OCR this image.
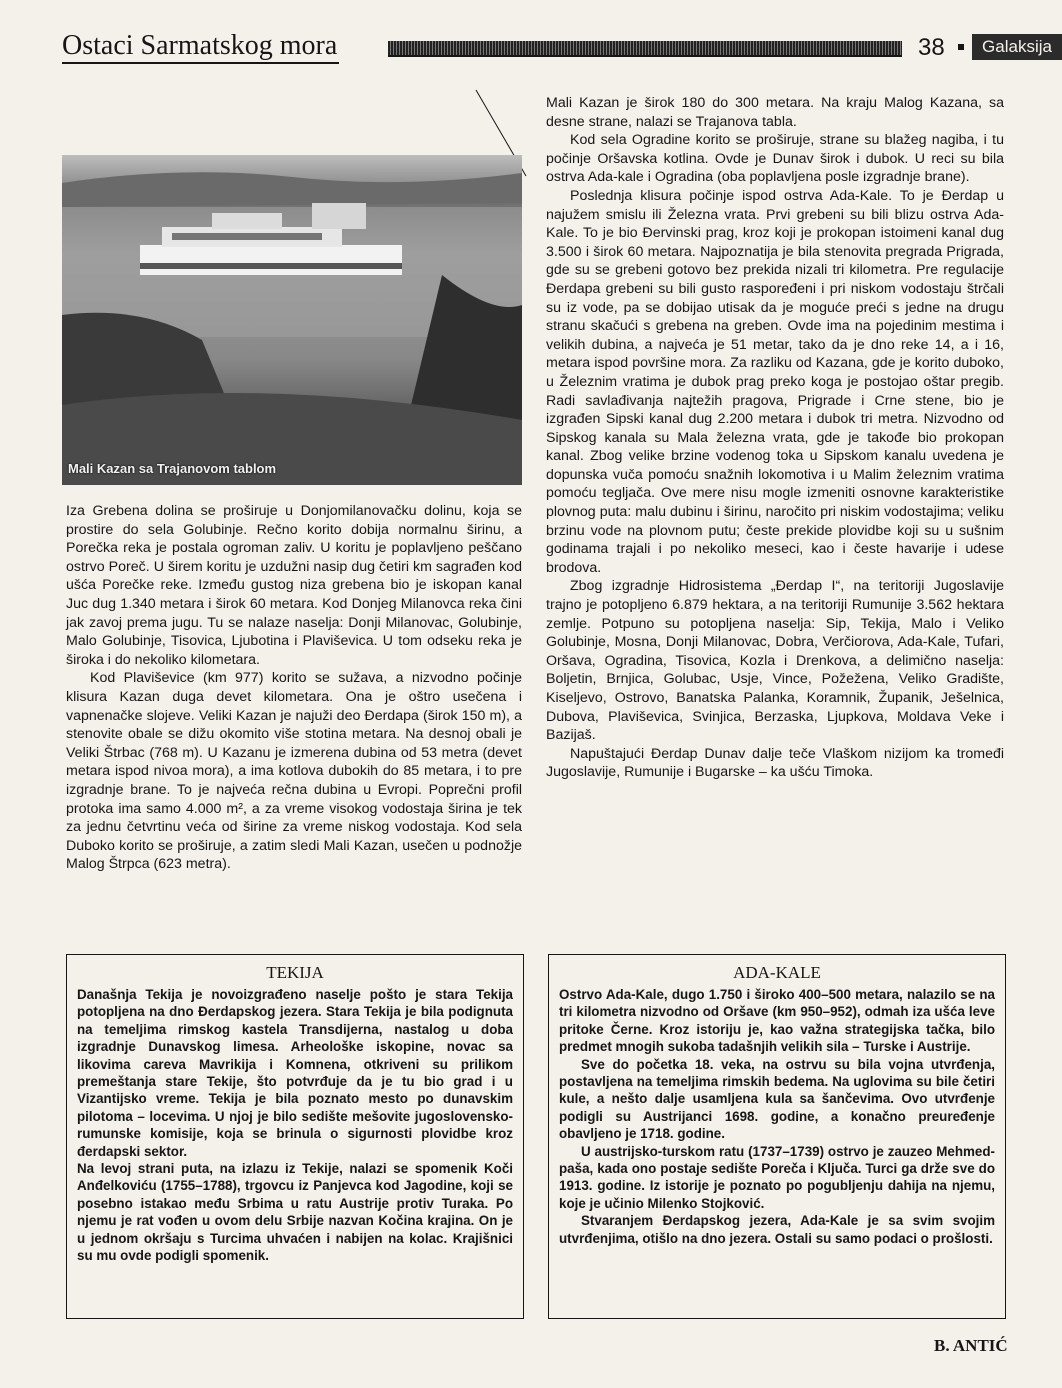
Ostaci Sarmatskog mora	38	Galaksija
Mali Kazan sa Trajanovom tablom

Iza Grebena dolina se proširuje u Donjomilanovačku dolinu, koja se prostire do sela Golubinje. Rečno korito dobija normalnu širinu, a Porečka reka je postala ogroman zaliv. U koritu je poplavljeno peščano ostrvo Poreč. U širem koritu je uzdužni nasip dug četiri km sagrađen kod ušća Porečke reke. Između gustog niza grebena bio je iskopan kanal Juc dug 1.340 metara i širok 60 metara. Kod Donjeg Milanovca reka čini jak zavoj prema jugu. Tu se nalaze naselja: Donji Milanovac, Golubinje, Malo Golubinje, Tisovica, Ljubotina i Plaviševica. U tom odseku reka je široka i do nekoliko kilometara.

Kod Plaviševice (km 977) korito se sužava, a nizvodno počinje klisura Kazan duga devet kilometara. Ona je oštro usečena i vapnenačke slojeve. Veliki Kazan je najuži deo Đerdapa (širok 150 m), a stenovite obale se dižu okomito više stotina metara. Na desnoj obali je Veliki Štrbac (768 m). U Kazanu je izmerena dubina od 53 metra (devet metara ispod nivoa mora), a ima kotlova dubokih do 85 metara, i to pre izgradnje brane. To je najveća rečna dubina u Evropi. Poprečni profil protoka ima samo 4.000 m², a za vreme visokog vodostaja širina je tek za jednu četvrtinu veća od širine za vreme niskog vodostaja. Kod sela Duboko korito se proširuje, a zatim sledi Mali Kazan, usečen u podnožje Malog Štrpca (623 metra).

Mali Kazan je širok 180 do 300 metara. Na kraju Malog Kazana, sa desne strane, nalazi se Trajanova tabla.

Kod sela Ogradine korito se proširuje, strane su blažeg nagiba, i tu počinje Oršavska kotlina. Ovde je Dunav širok i dubok. U reci su bila ostrva Ada-kale i Ogradina (oba poplavljena posle izgradnje brane).

Poslednja klisura počinje ispod ostrva Ada-Kale. To je Đerdap u najužem smislu ili Železna vrata. Prvi grebeni su bili blizu ostrva Ada-Kale. To je bio Đervinski prag, kroz koji je prokopan istoimeni kanal dug 3.500 i širok 60 metara. Najpoznatija je bila stenovita pregrada Prigrada, gde su se grebeni gotovo bez prekida nizali tri kilometra. Pre regulacije Đerdapa grebeni su bili gusto raspoređeni i pri niskom vodostaju štrčali su iz vode, pa se dobijao utisak da je moguće preći s jedne na drugu stranu skačući s grebena na greben. Ovde ima na pojedinim mestima i velikih dubina, a najveća je 51 metar, tako da je dno reke 14, a i 16, metara ispod površine mora. Za razliku od Kazana, gde je korito duboko, u Železnim vratima je dubok prag preko koga je postojao oštar pregib. Radi savlađivanja najtežih pragova, Prigrade i Crne stene, bio je izgrađen Sipski kanal dug 2.200 metara i dubok tri metra. Nizvodno od Sipskog kanala su Mala železna vrata, gde je takođe bio prokopan kanal. Zbog velike brzine vodenog toka u Sipskom kanalu uvedena je dopunska vuča pomoću snažnih lokomotiva i u Malim železnim vratima pomoću tegljača. Ove mere nisu mogle izmeniti osnovne karakteristike plovnog puta: malu dubinu i širinu, naročito pri niskim vodostajima; veliku brzinu vode na plovnom putu; česte prekide plovidbe koji su u sušnim godinama trajali i po nekoliko meseci, kao i česte havarije i udese brodova.

Zbog izgradnje Hidrosistema „Đerdap I“, na teritoriji Jugoslavije trajno je potopljeno 6.879 hektara, a na teritoriji Rumunije 3.562 hektara zemlje. Potpuno su potopljena naselja: Sip, Tekija, Malo i Veliko Golubinje, Mosna, Donji Milanovac, Dobra, Verčiorova, Ada-Kale, Tufari, Oršava, Ogradina, Tisovica, Kozla i Drenkova, a delimično naselja: Boljetin, Brnjica, Golubac, Usje, Vince, Požežena, Veliko Gradište, Kiseljevo, Ostrovo, Banatska Palanka, Koramnik, Županik, Ješelnica, Dubova, Plaviševica, Svinjica, Berzaska, Ljupkova, Moldava Veke i Bazijaš.

Napuštajući Đerdap Dunav dalje teče Vlaškom nizijom ka tromeđi Jugoslavije, Rumunije i Bugarske – ka ušću Timoka.

TEKIJA

Današnja Tekija je novoizgrađeno naselje pošto je stara Tekija potopljena na dno Đerdapskog jezera. Stara Tekija je bila podignuta na temeljima rimskog kastela Transdijerna, nastalog u doba izgradnje Dunavskog limesa. Arheološke iskopine, novac sa likovima careva Mavrikija i Komnena, otkriveni su prilikom premeštanja stare Tekije, što potvrđuje da je tu bio grad i u Vizantijsko vreme. Tekija je bila poznato mesto po dunavskim pilotoma – locevima. U njoj je bilo sedište mešovite jugoslovensko-rumunske komisije, koja se brinula o sigurnosti plovidbe kroz đerdapski sektor.

Na levoj strani puta, na izlazu iz Tekije, nalazi se spomenik Koči Anđelkoviću (1755–1788), trgovcu iz Panjevca kod Jagodine, koji se posebno istakao među Srbima u ratu Austrije protiv Turaka. Po njemu je rat vođen u ovom delu Srbije nazvan Kočina krajina. On je u jednom okršaju s Turcima uhvaćen i nabijen na kolac. Krajišnici su mu ovde podigli spomenik.

ADA-KALE

Ostrvo Ada-Kale, dugo 1.750 i široko 400–500 metara, nalazilo se na tri kilometra nizvodno od Oršave (km 950–952), odmah iza ušća leve pritoke Černe. Kroz istoriju je, kao važna strategijska tačka, bilo predmet mnogih sukoba tadašnjih velikih sila – Turske i Austrije.

Sve do početka 18. veka, na ostrvu su bila vojna utvrđenja, postavljena na temeljima rimskih bedema. Na uglovima su bile četiri kule, a nešto dalje usamljena kula sa šančevima. Ovo utvrđenje podigli su Austrijanci 1698. godine, a konačno preuređenje obavljeno je 1718. godine.

U austrijsko-turskom ratu (1737–1739) ostrvo je zauzeo Mehmed-paša, kada ono postaje sedište Poreča i Ključa. Turci ga drže sve do 1913. godine. Iz istorije je poznato po pogubljenju dahija na njemu, koje je učinio Milenko Stojković.

Stvaranjem Đerdapskog jezera, Ada-Kale je sa svim svojim utvrđenjima, otišlo na dno jezera. Ostali su samo podaci o prošlosti.

B. ANTIĆ
